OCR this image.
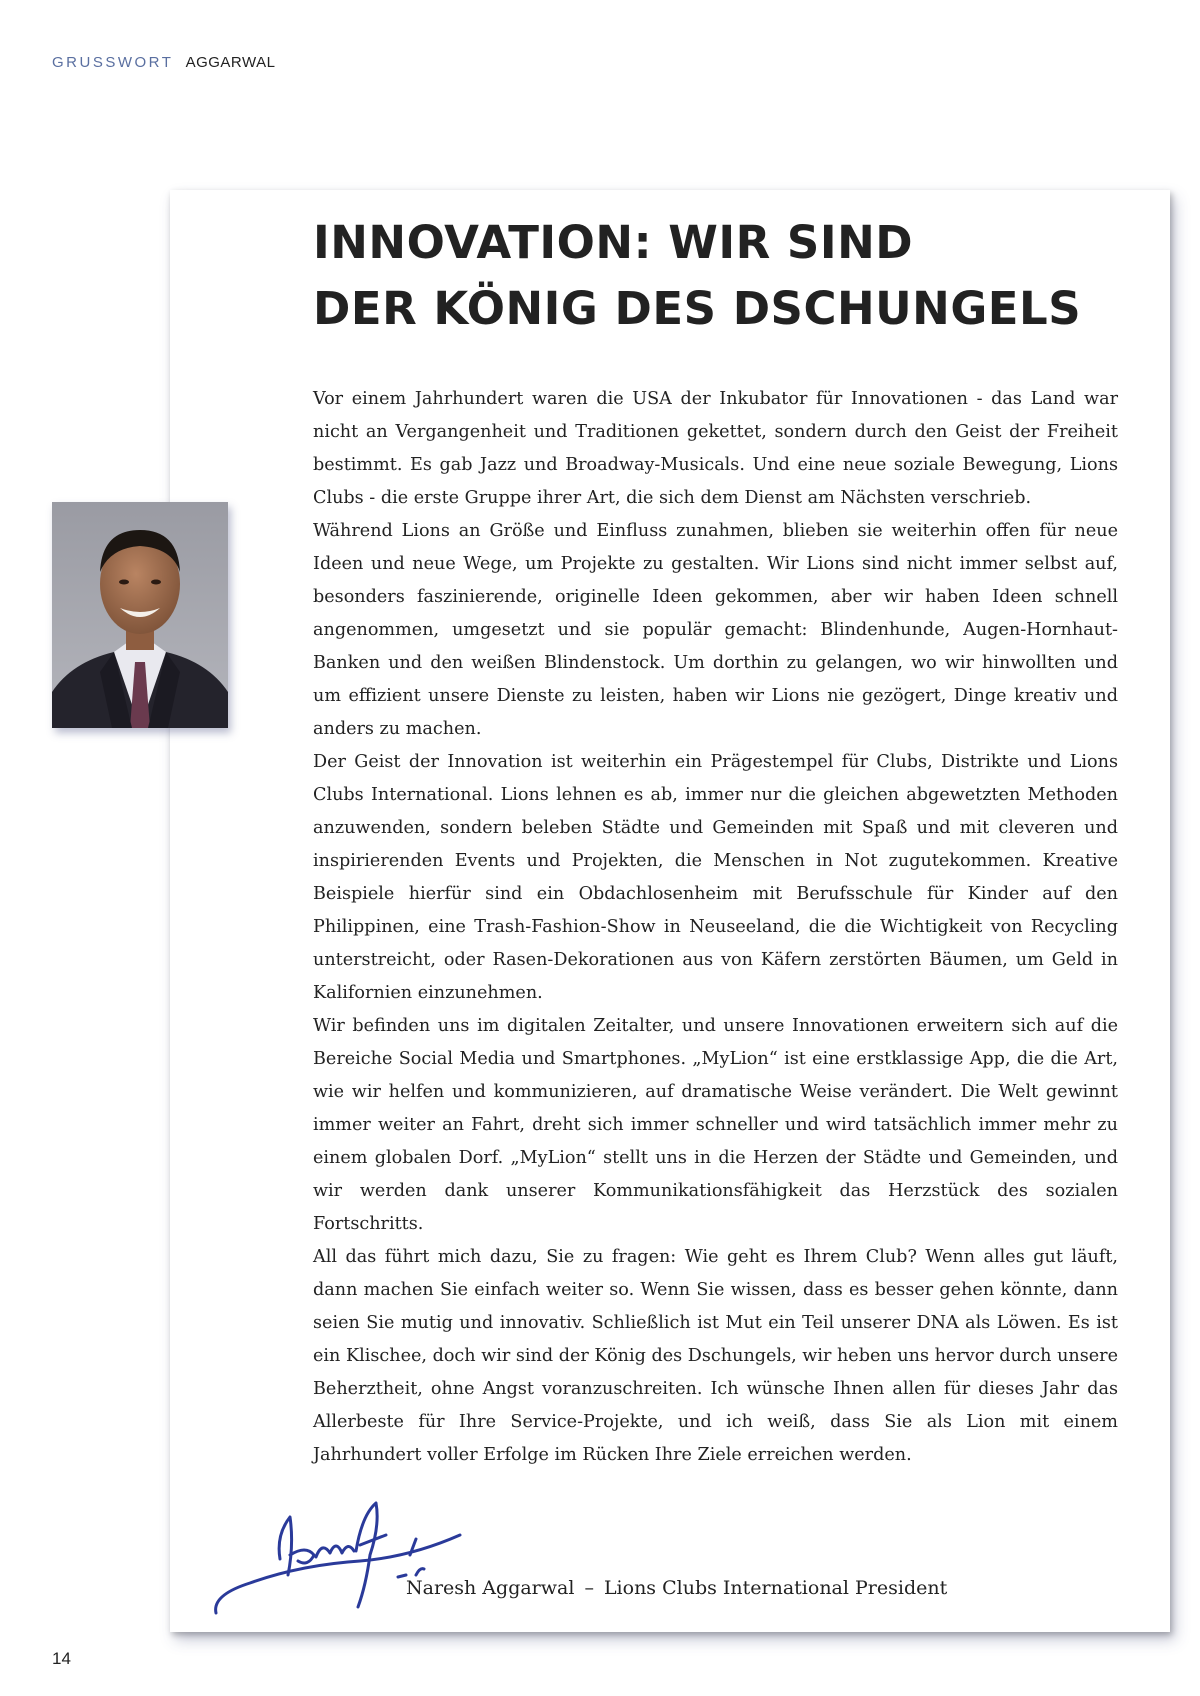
GRUSSWORT AGGARWAL
INNOVATION: WIR SIND
DER KÖNIG DES DSCHUNGELS

Vor einem Jahrhundert waren die USA der Inkubator für Innovationen - das Land war nicht an Vergangenheit und Traditionen gekettet, sondern durch den Geist der Freiheit bestimmt. Es gab Jazz und Broadway-Musicals. Und eine neue soziale Bewegung, Lions Clubs - die erste Gruppe ihrer Art, die sich dem Dienst am Nächsten verschrieb.

Während Lions an Größe und Einfluss zunahmen, blieben sie weiterhin offen für neue Ideen und neue Wege, um Projekte zu gestalten. Wir Lions sind nicht immer selbst auf, besonders faszinierende, originelle Ideen gekommen, aber wir haben Ideen schnell angenommen, umgesetzt und sie populär gemacht: Blindenhunde, Augen-Hornhaut-Banken und den weißen Blindenstock. Um dorthin zu gelangen, wo wir hinwollten und um effizient unsere Dienste zu leisten, haben wir Lions nie gezögert, Dinge kreativ und anders zu machen.

Der Geist der Innovation ist weiterhin ein Prägestempel für Clubs, Distrikte und Lions Clubs International. Lions lehnen es ab, immer nur die gleichen abgewetzten Methoden anzuwenden, sondern beleben Städte und Gemeinden mit Spaß und mit cleveren und inspirierenden Events und Projekten, die Menschen in Not zugutekommen. Kreative Beispiele hierfür sind ein Obdachlosenheim mit Berufsschule für Kinder auf den Philippinen, eine Trash-Fashion-Show in Neuseeland, die die Wichtigkeit von Recycling unterstreicht, oder Rasen-Dekorationen aus von Käfern zerstörten Bäumen, um Geld in Kalifornien einzunehmen.

Wir befinden uns im digitalen Zeitalter, und unsere Innovationen erweitern sich auf die Bereiche Social Media und Smartphones. „MyLion“ ist eine erstklassige App, die die Art, wie wir helfen und kommunizieren, auf dramatische Weise verändert. Die Welt gewinnt immer weiter an Fahrt, dreht sich immer schneller und wird tatsächlich immer mehr zu einem globalen Dorf. „MyLion“ stellt uns in die Herzen der Städte und Gemeinden, und wir werden dank unserer Kommunikationsfähigkeit das Herzstück des sozialen Fortschritts.

All das führt mich dazu, Sie zu fragen: Wie geht es Ihrem Club? Wenn alles gut läuft, dann machen Sie einfach weiter so. Wenn Sie wissen, dass es besser gehen könnte, dann seien Sie mutig und innovativ. Schließlich ist Mut ein Teil unserer DNA als Löwen. Es ist ein Klischee, doch wir sind der König des Dschungels, wir heben uns hervor durch unsere Beherztheit, ohne Angst voranzuschreiten. Ich wünsche Ihnen allen für dieses Jahr das Allerbeste für Ihre Service-Projekte, und ich weiß, dass Sie als Lion mit einem Jahrhundert voller Erfolge im Rücken Ihre Ziele erreichen werden.

Naresh Aggarwal – Lions Clubs International President
14
